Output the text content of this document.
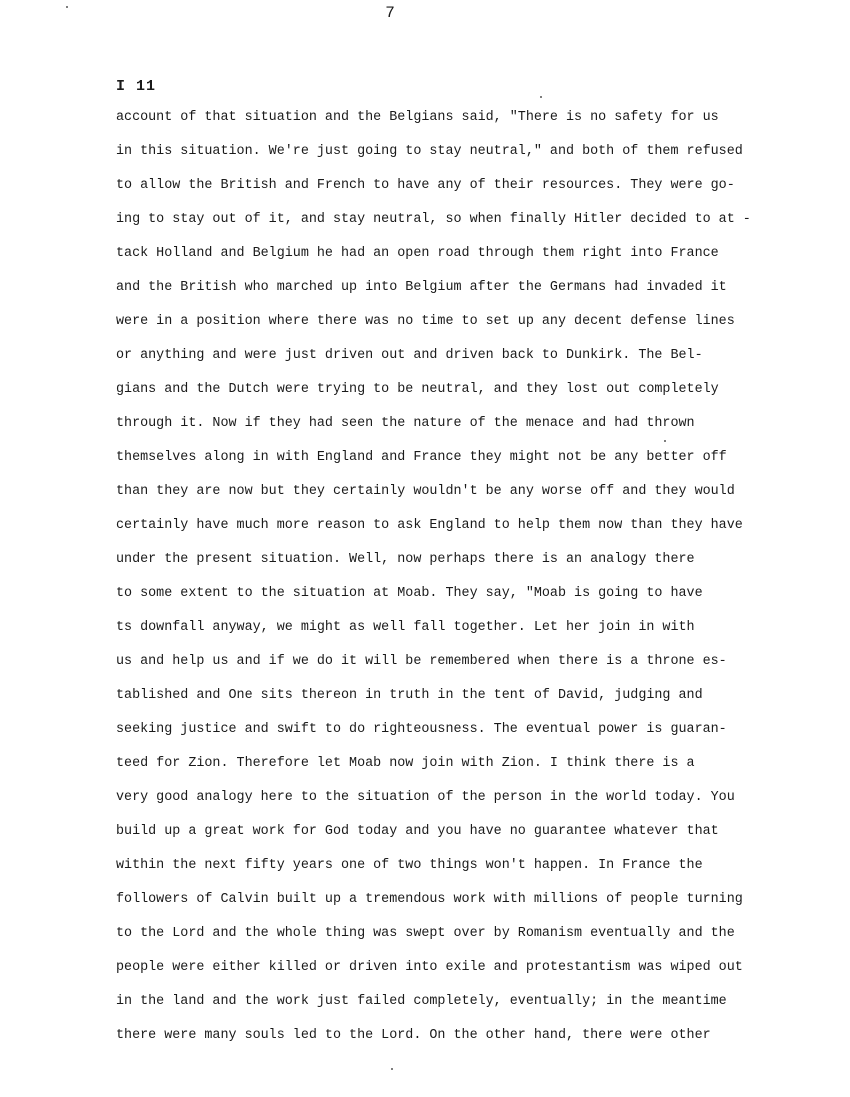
7
I 11
account of that situation and the Belgians said, "There is no safety for us
in this situation. We're just going to stay neutral," and both of them refused
to allow the British and French to have any of their resources. They were go-
ing to stay out of it, and stay neutral, so when finally Hitler decided to at -
tack Holland and Belgium he had an open road through them right into France
and the British who marched up into Belgium after the Germans had invaded it
were in a position where there was no time to set up any decent defense lines
or anything and were just driven out and driven back to Dunkirk. The Bel-
gians and the Dutch were trying to be neutral, and they lost out completely
through it. Now if they had seen the nature of the menace and had thrown
themselves along in with England and France they might not be any better off
than they are now but they certainly wouldn't be any worse off and they would
certainly have much more reason to ask England to help them now than they have
under the present situation. Well, now perhaps there is an analogy there
to some extent to the situation at Moab. They say, "Moab is going to have
ts downfall anyway, we might as well fall together. Let her join in with
us and help us and if we do it will be remembered when there is a throne es-
tablished and One sits thereon in truth in the tent of David, judging and
seeking justice and swift to do righteousness. The eventual power is guaran-
teed for Zion. Therefore let Moab now join with Zion. I think there is a
very good analogy here to the situation of the person in the world today. You
build up a great work for God today and you have no guarantee whatever that
within the next fifty years one of two things won't happen. In France the
followers of Calvin built up a tremendous work with millions of people turning
to the Lord and the whole thing was swept over by Romanism eventually and the
people were either killed or driven into exile and protestantism was wiped out
in the land and the work just failed completely, eventually; in the meantime
there were many souls led to the Lord. On the other hand, there were other
